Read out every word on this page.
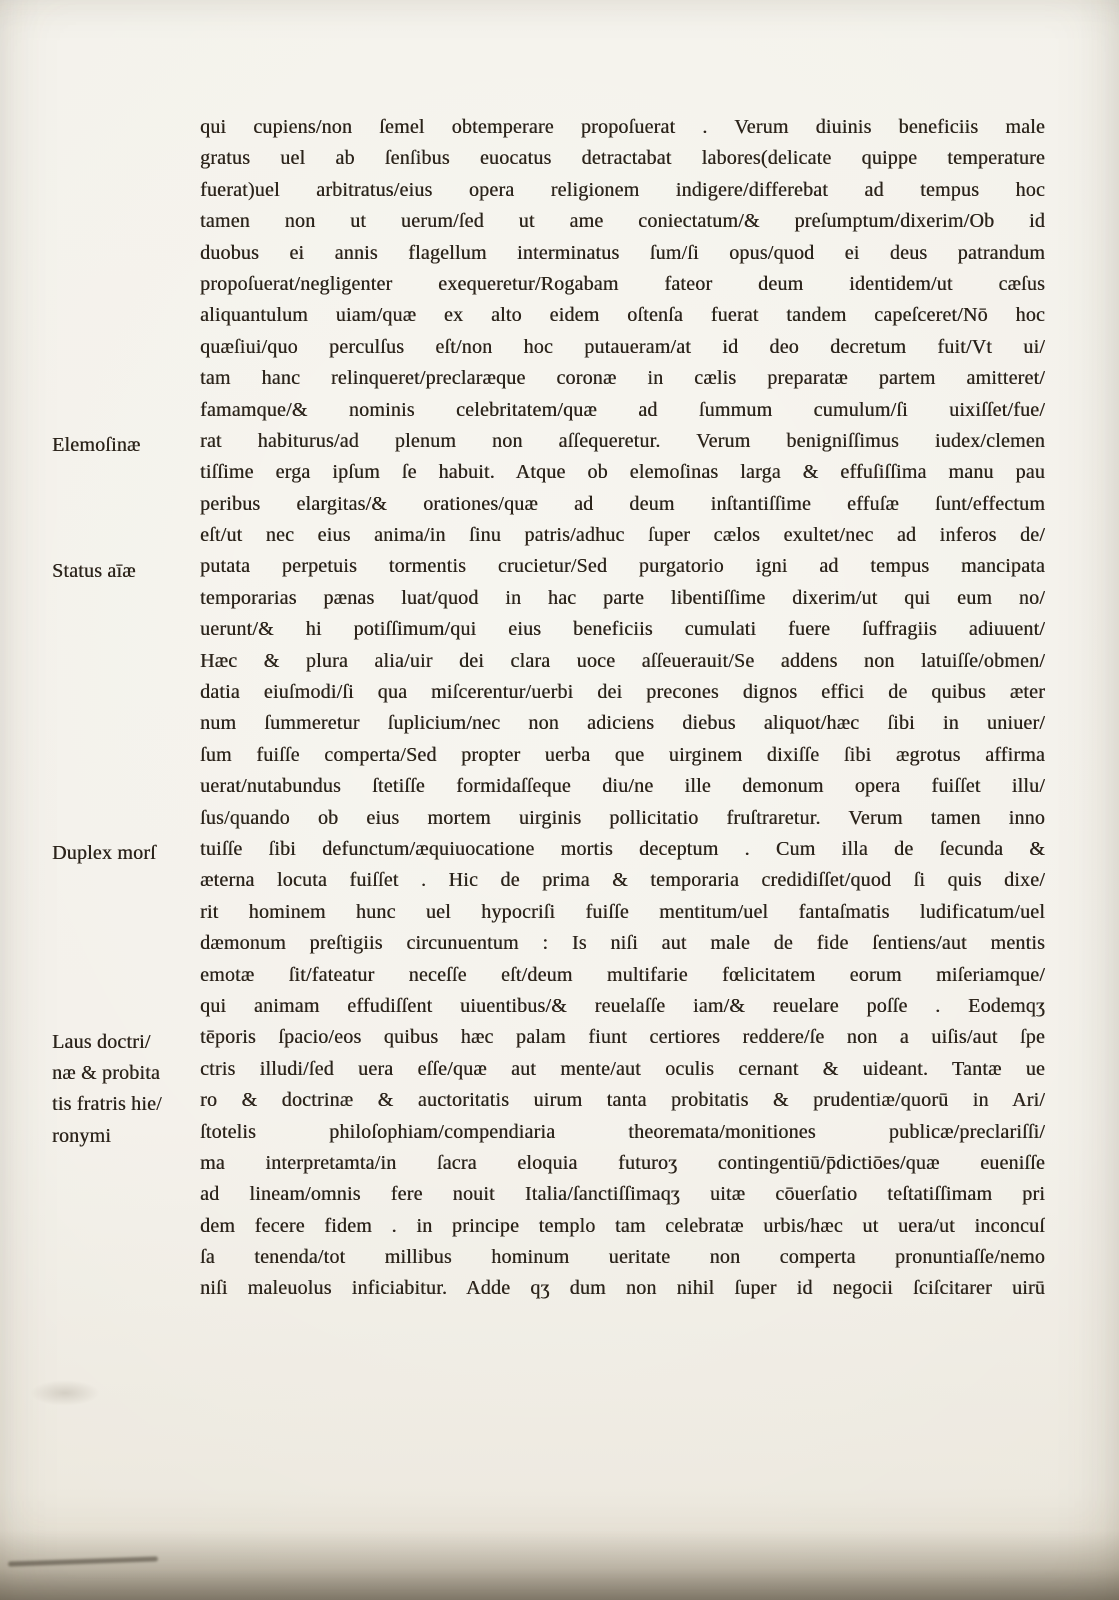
Elemoſinæ
Status aīæ
Duplex morſ
Laus doctri/
næ & probita
tis fratris hie/
ronymi
qui cupiens/non ſemel obtemperare propoſuerat . Verum diuinis beneficiis male
gratus uel ab ſenſibus euocatus detractabat labores(delicate quippe temperature
fuerat)uel arbitratus/eius opera religionem indigere/differebat ad tempus hoc
tamen non ut uerum/ſed ut ame coniectatum/& preſumptum/dixerim/Ob id
duobus ei annis flagellum interminatus ſum/ſi opus/quod ei deus patrandum
propoſuerat/negligenter exequeretur/Rogabam fateor deum identidem/ut cæſus
aliquantulum uiam/quæ ex alto eidem oſtenſa fuerat tandem capeſceret/Nō hoc
quæſiui/quo perculſus eſt/non hoc putaueram/at id deo decretum fuit/Vt ui/
tam hanc relinqueret/preclaræque coronæ in cælis preparatæ partem amitteret/
famamque/& nominis celebritatem/quæ ad ſummum cumulum/ſi uixiſſet/fue/
rat habiturus/ad plenum non aſſequeretur. Verum benigniſſimus iudex/clemen
tiſſime erga ipſum ſe habuit. Atque ob elemoſinas larga & effuſiſſima manu pau
peribus elargitas/& orationes/quæ ad deum inſtantiſſime effuſæ ſunt/effectum
eſt/ut nec eius anima/in ſinu patris/adhuc ſuper cælos exultet/nec ad inferos de/
putata perpetuis tormentis crucietur/Sed purgatorio igni ad tempus mancipata
temporarias pænas luat/quod in hac parte libentiſſime dixerim/ut qui eum no/
uerunt/& hi potiſſimum/qui eius beneficiis cumulati fuere ſuffragiis adiuuent/
Hæc & plura alia/uir dei clara uoce aſſeuerauit/Se addens non latuiſſe/obmen/
datia eiuſmodi/ſi qua miſcerentur/uerbi dei precones dignos effici de quibus æter
num ſummeretur ſuplicium/nec non adiciens diebus aliquot/hæc ſibi in uniuer/
ſum fuiſſe comperta/Sed propter uerba que uirginem dixiſſe ſibi ægrotus affirma
uerat/nutabundus ſtetiſſe formidaſſeque diu/ne ille demonum opera fuiſſet illu/
ſus/quando ob eius mortem uirginis pollicitatio fruſtraretur. Verum tamen inno
tuiſſe ſibi defunctum/æquiuocatione mortis deceptum . Cum illa de ſecunda &
æterna locuta fuiſſet . Hic de prima & temporaria credidiſſet/quod ſi quis dixe/
rit hominem hunc uel hypocriſi fuiſſe mentitum/uel fantaſmatis ludificatum/uel
dæmonum preſtigiis circunuentum : Is niſi aut male de fide ſentiens/aut mentis
emotæ ſit/fateatur neceſſe eſt/deum multifarie fœlicitatem eorum miſeriamque/
qui animam effudiſſent uiuentibus/& reuelaſſe iam/& reuelare poſſe . Eodemqʒ
tēporis ſpacio/eos quibus hæc palam fiunt certiores reddere/ſe non a uiſis/aut ſpe
ctris illudi/ſed uera eſſe/quæ aut mente/aut oculis cernant & uideant. Tantæ ue
ro & doctrinæ & auctoritatis uirum tanta probitatis & prudentiæ/quorū in Ari/
ſtotelis philoſophiam/compendiaria theoremata/monitiones publicæ/preclariſſi/
ma interpretamta/in ſacra eloquia futuroʒ contingentiū/p̄dictiōes/quæ eueniſſe
ad lineam/omnis fere nouit Italia/ſanctiſſimaqʒ uitæ cōuerſatio teſtatiſſimam pri
dem fecere fidem . in principe templo tam celebratæ urbis/hæc ut uera/ut inconcuſ
ſa tenenda/tot millibus hominum ueritate non comperta pronuntiaſſe/nemo
niſi maleuolus inficiabitur. Adde qʒ dum non nihil ſuper id negocii ſciſcitarer uirū
